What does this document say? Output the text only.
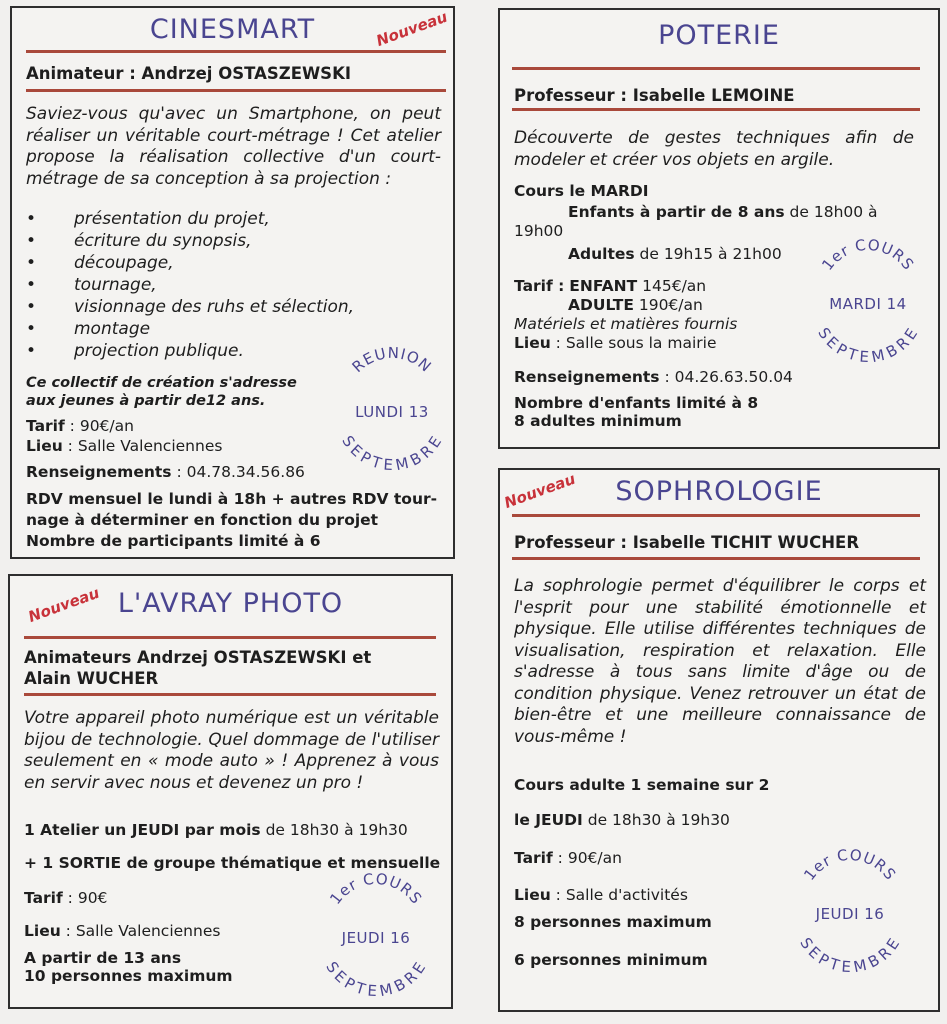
CINESMART	Nouveau
Animateur : Andrzej OSTASZEWSKI
Saviez-vous qu'avec un Smartphone, on peut réaliser un véritable court-métrage ! Cet atelier propose la réalisation collective d'un court-métrage de sa conception à sa projection :
• présentation du projet,
• écriture du synopsis,
• découpage,
• tournage,
• visionnage des ruhs et sélection,
• montage
• projection publique.
Ce collectif de création s'adresse
aux jeunes à partir de12 ans.
Tarif : 90€/an
Lieu : Salle Valenciennes
Renseignements : 04.78.34.56.86
RDV mensuel le lundi à 18h + autres RDV tour-
nage à déterminer en fonction du projet
Nombre de participants limité à 6
REUNION
SEPTEMBRE
LUNDI 13
POTERIE
Professeur : Isabelle LEMOINE
Découverte de gestes techniques afin de modeler et créer vos objets en argile.
Cours le MARDI
Enfants à partir de 8 ans de 18h00 à
19h00
Adultes de 19h15 à 21h00
Tarif : ENFANT 145€/an
ADULTE 190€/an
Matériels et matières fournis
Lieu : Salle sous la mairie
Renseignements : 04.26.63.50.04
Nombre d'enfants limité à 8
8 adultes minimum
1er COURS
SEPTEMBRE
MARDI 14
L'AVRAY PHOTO
Nouveau
Animateurs Andrzej OSTASZEWSKI et
Alain WUCHER
Votre appareil photo numérique est un véritable bijou de technologie. Quel dommage de l'utiliser seulement en « mode auto » ! Apprenez à vous en servir avec nous et devenez un pro !
1 Atelier un JEUDI par mois de 18h30 à 19h30
+ 1 SORTIE de groupe thématique et mensuelle
Tarif : 90€
Lieu : Salle Valenciennes
A partir de 13 ans
10 personnes maximum
1er COURS
SEPTEMBRE
JEUDI 16
SOPHROLOGIE
Nouveau
Professeur : Isabelle TICHIT WUCHER
La sophrologie permet d'équilibrer le corps et l'esprit pour une stabilité émotionnelle et physique. Elle utilise différentes techniques de visualisation, respiration et relaxation. Elle s'adresse à tous sans limite d'âge ou de condition physique. Venez retrouver un état de bien-être et une meilleure connaissance de vous-même !
Cours adulte 1 semaine sur 2
le JEUDI de 18h30 à 19h30
Tarif : 90€/an
Lieu : Salle d'activités
8 personnes maximum
6 personnes minimum
1er COURS
SEPTEMBRE
JEUDI 16
